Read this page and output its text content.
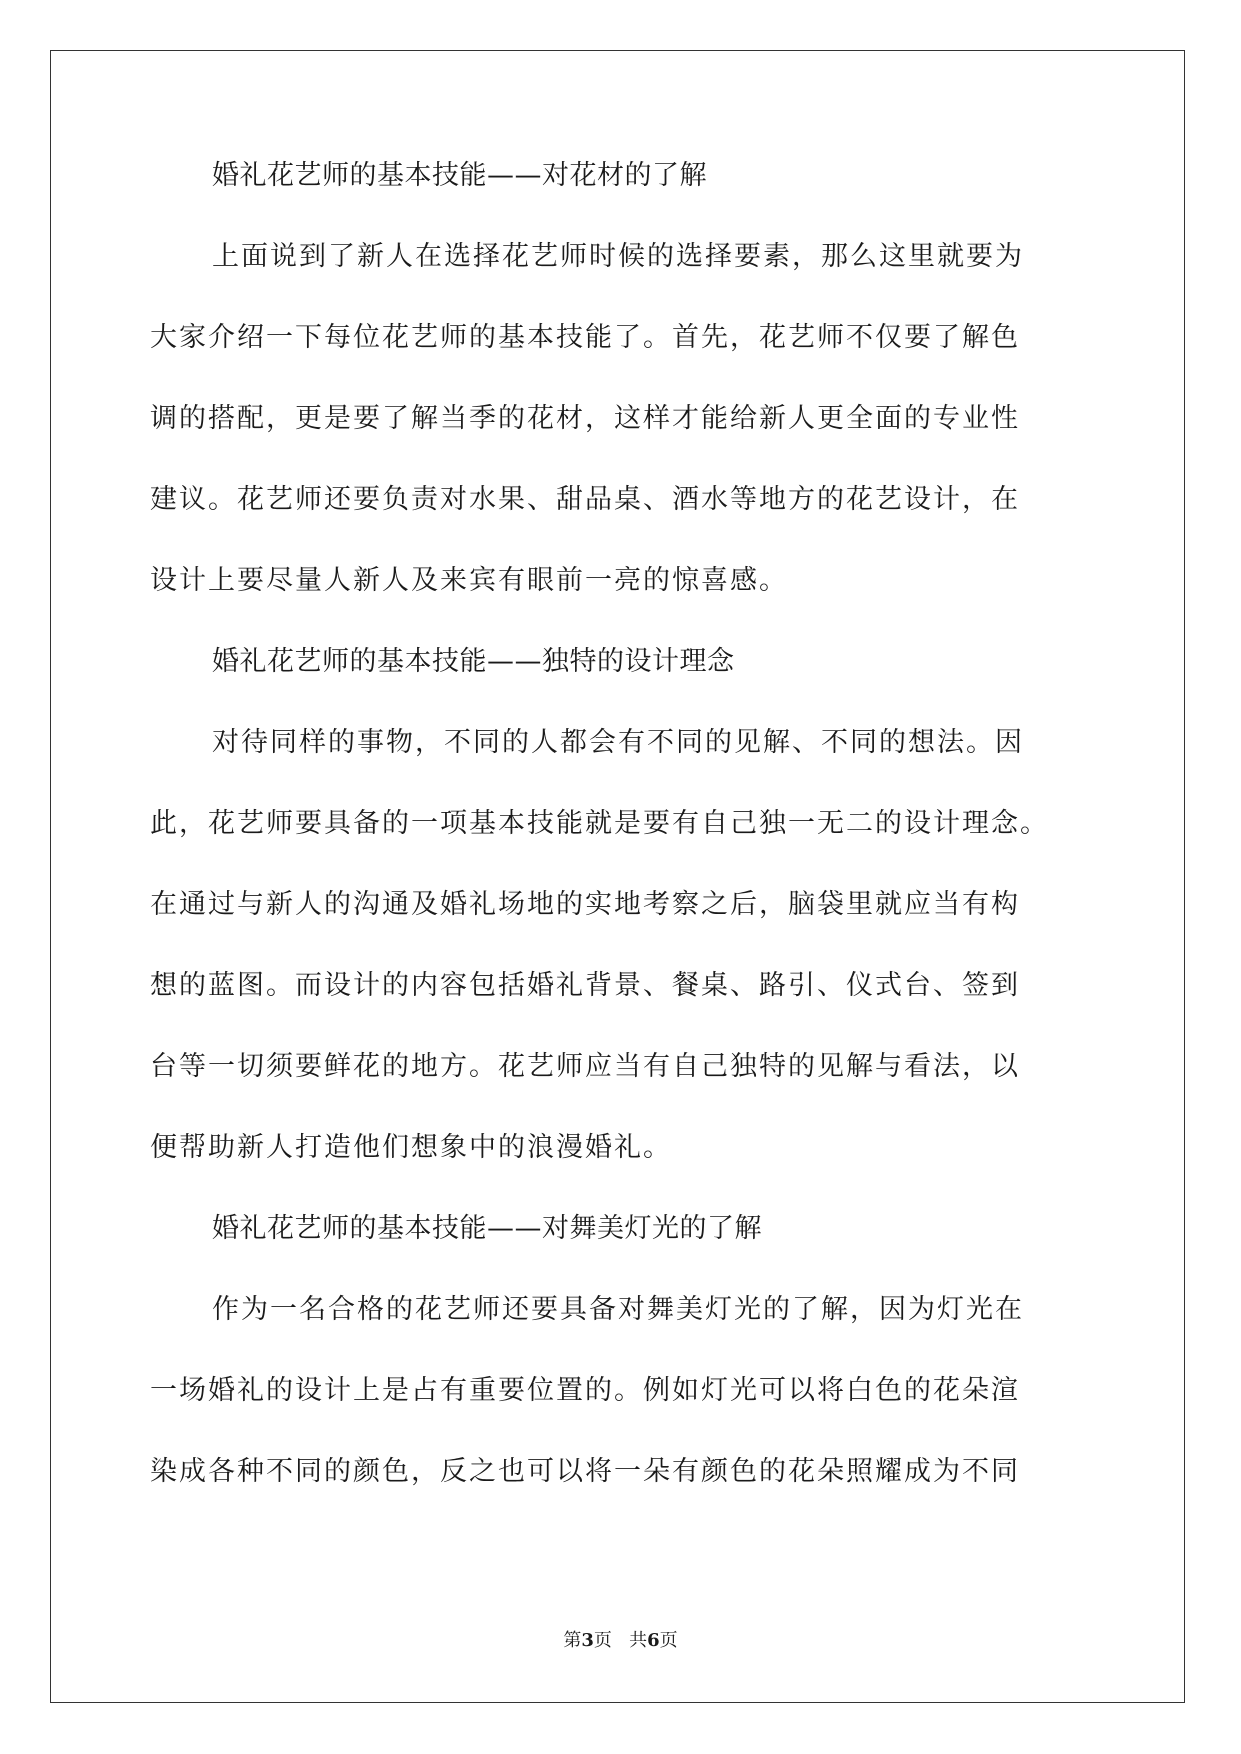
婚礼花艺师的基本技能——对花材的了解
上面说到了新人在选择花艺师时候的选择要素，那么这里就要为
大家介绍一下每位花艺师的基本技能了。首先，花艺师不仅要了解色
调的搭配，更是要了解当季的花材，这样才能给新人更全面的专业性
建议。花艺师还要负责对水果、甜品桌、酒水等地方的花艺设计，在
设计上要尽量人新人及来宾有眼前一亮的惊喜感。
婚礼花艺师的基本技能——独特的设计理念
对待同样的事物，不同的人都会有不同的见解、不同的想法。因
此，花艺师要具备的一项基本技能就是要有自己独一无二的设计理念。
在通过与新人的沟通及婚礼场地的实地考察之后，脑袋里就应当有构
想的蓝图。而设计的内容包括婚礼背景、餐桌、路引、仪式台、签到
台等一切须要鲜花的地方。花艺师应当有自己独特的见解与看法，以
便帮助新人打造他们想象中的浪漫婚礼。
婚礼花艺师的基本技能——对舞美灯光的了解
作为一名合格的花艺师还要具备对舞美灯光的了解，因为灯光在
一场婚礼的设计上是占有重要位置的。例如灯光可以将白色的花朵渲
染成各种不同的颜色，反之也可以将一朵有颜色的花朵照耀成为不同
第3页   共6页
